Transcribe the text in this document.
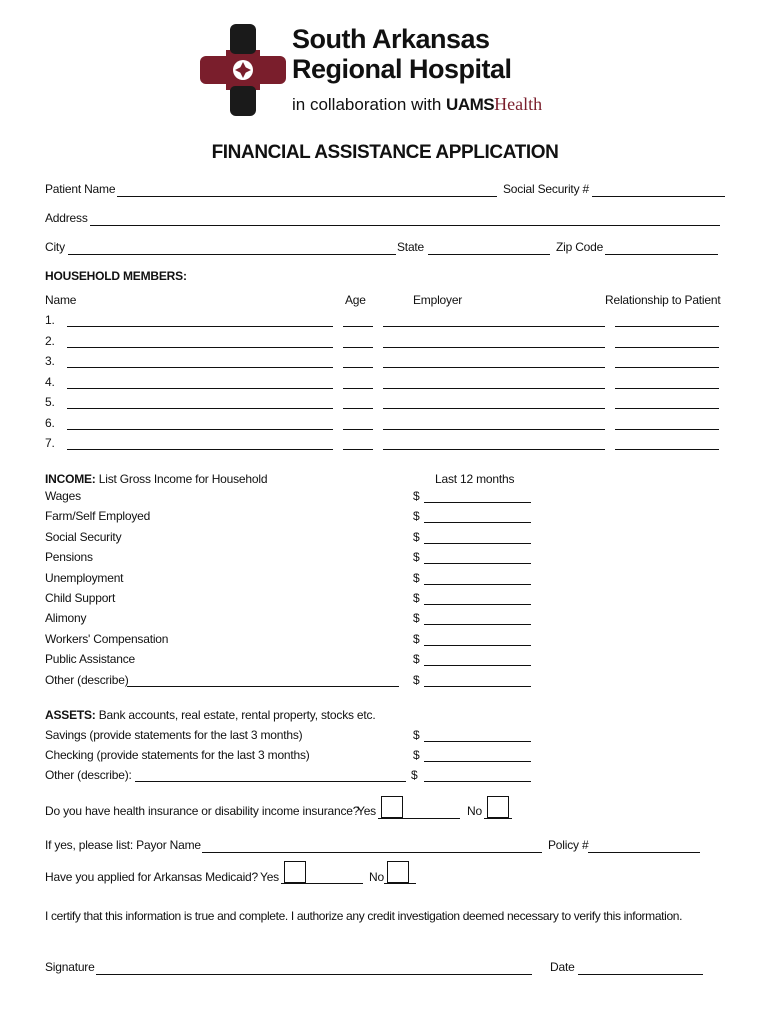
South Arkansas
Regional Hospital
in collaboration with UAMSHealth
FINANCIAL ASSISTANCE APPLICATION
Patient Name	Social Security #
Address
City	State	Zip Code
HOUSEHOLD MEMBERS:
Name	Age	Employer	Relationship to Patient
1.
2.
3.
4.
5.
6.
7.
INCOME: List Gross Income for Household	Last 12 months
Wages	$
Farm/Self Employed	$
Social Security	$
Pensions	$
Unemployment	$
Child Support	$
Alimony	$
Workers' Compensation	$
Public Assistance	$
Other (describe)	$
ASSETS: Bank accounts, real estate, rental property, stocks etc.
Savings (provide statements for the last 3 months)	$
Checking (provide statements for the last 3 months)	$
Other (describe):	$
Do you have health insurance or disability income insurance?
Yes	No
If yes, please list: Payor Name	Policy #
Have you applied for Arkansas Medicaid? Yes	No
I certify that this information is true and complete. I authorize any credit investigation deemed necessary to verify this information.
Signature	Date
